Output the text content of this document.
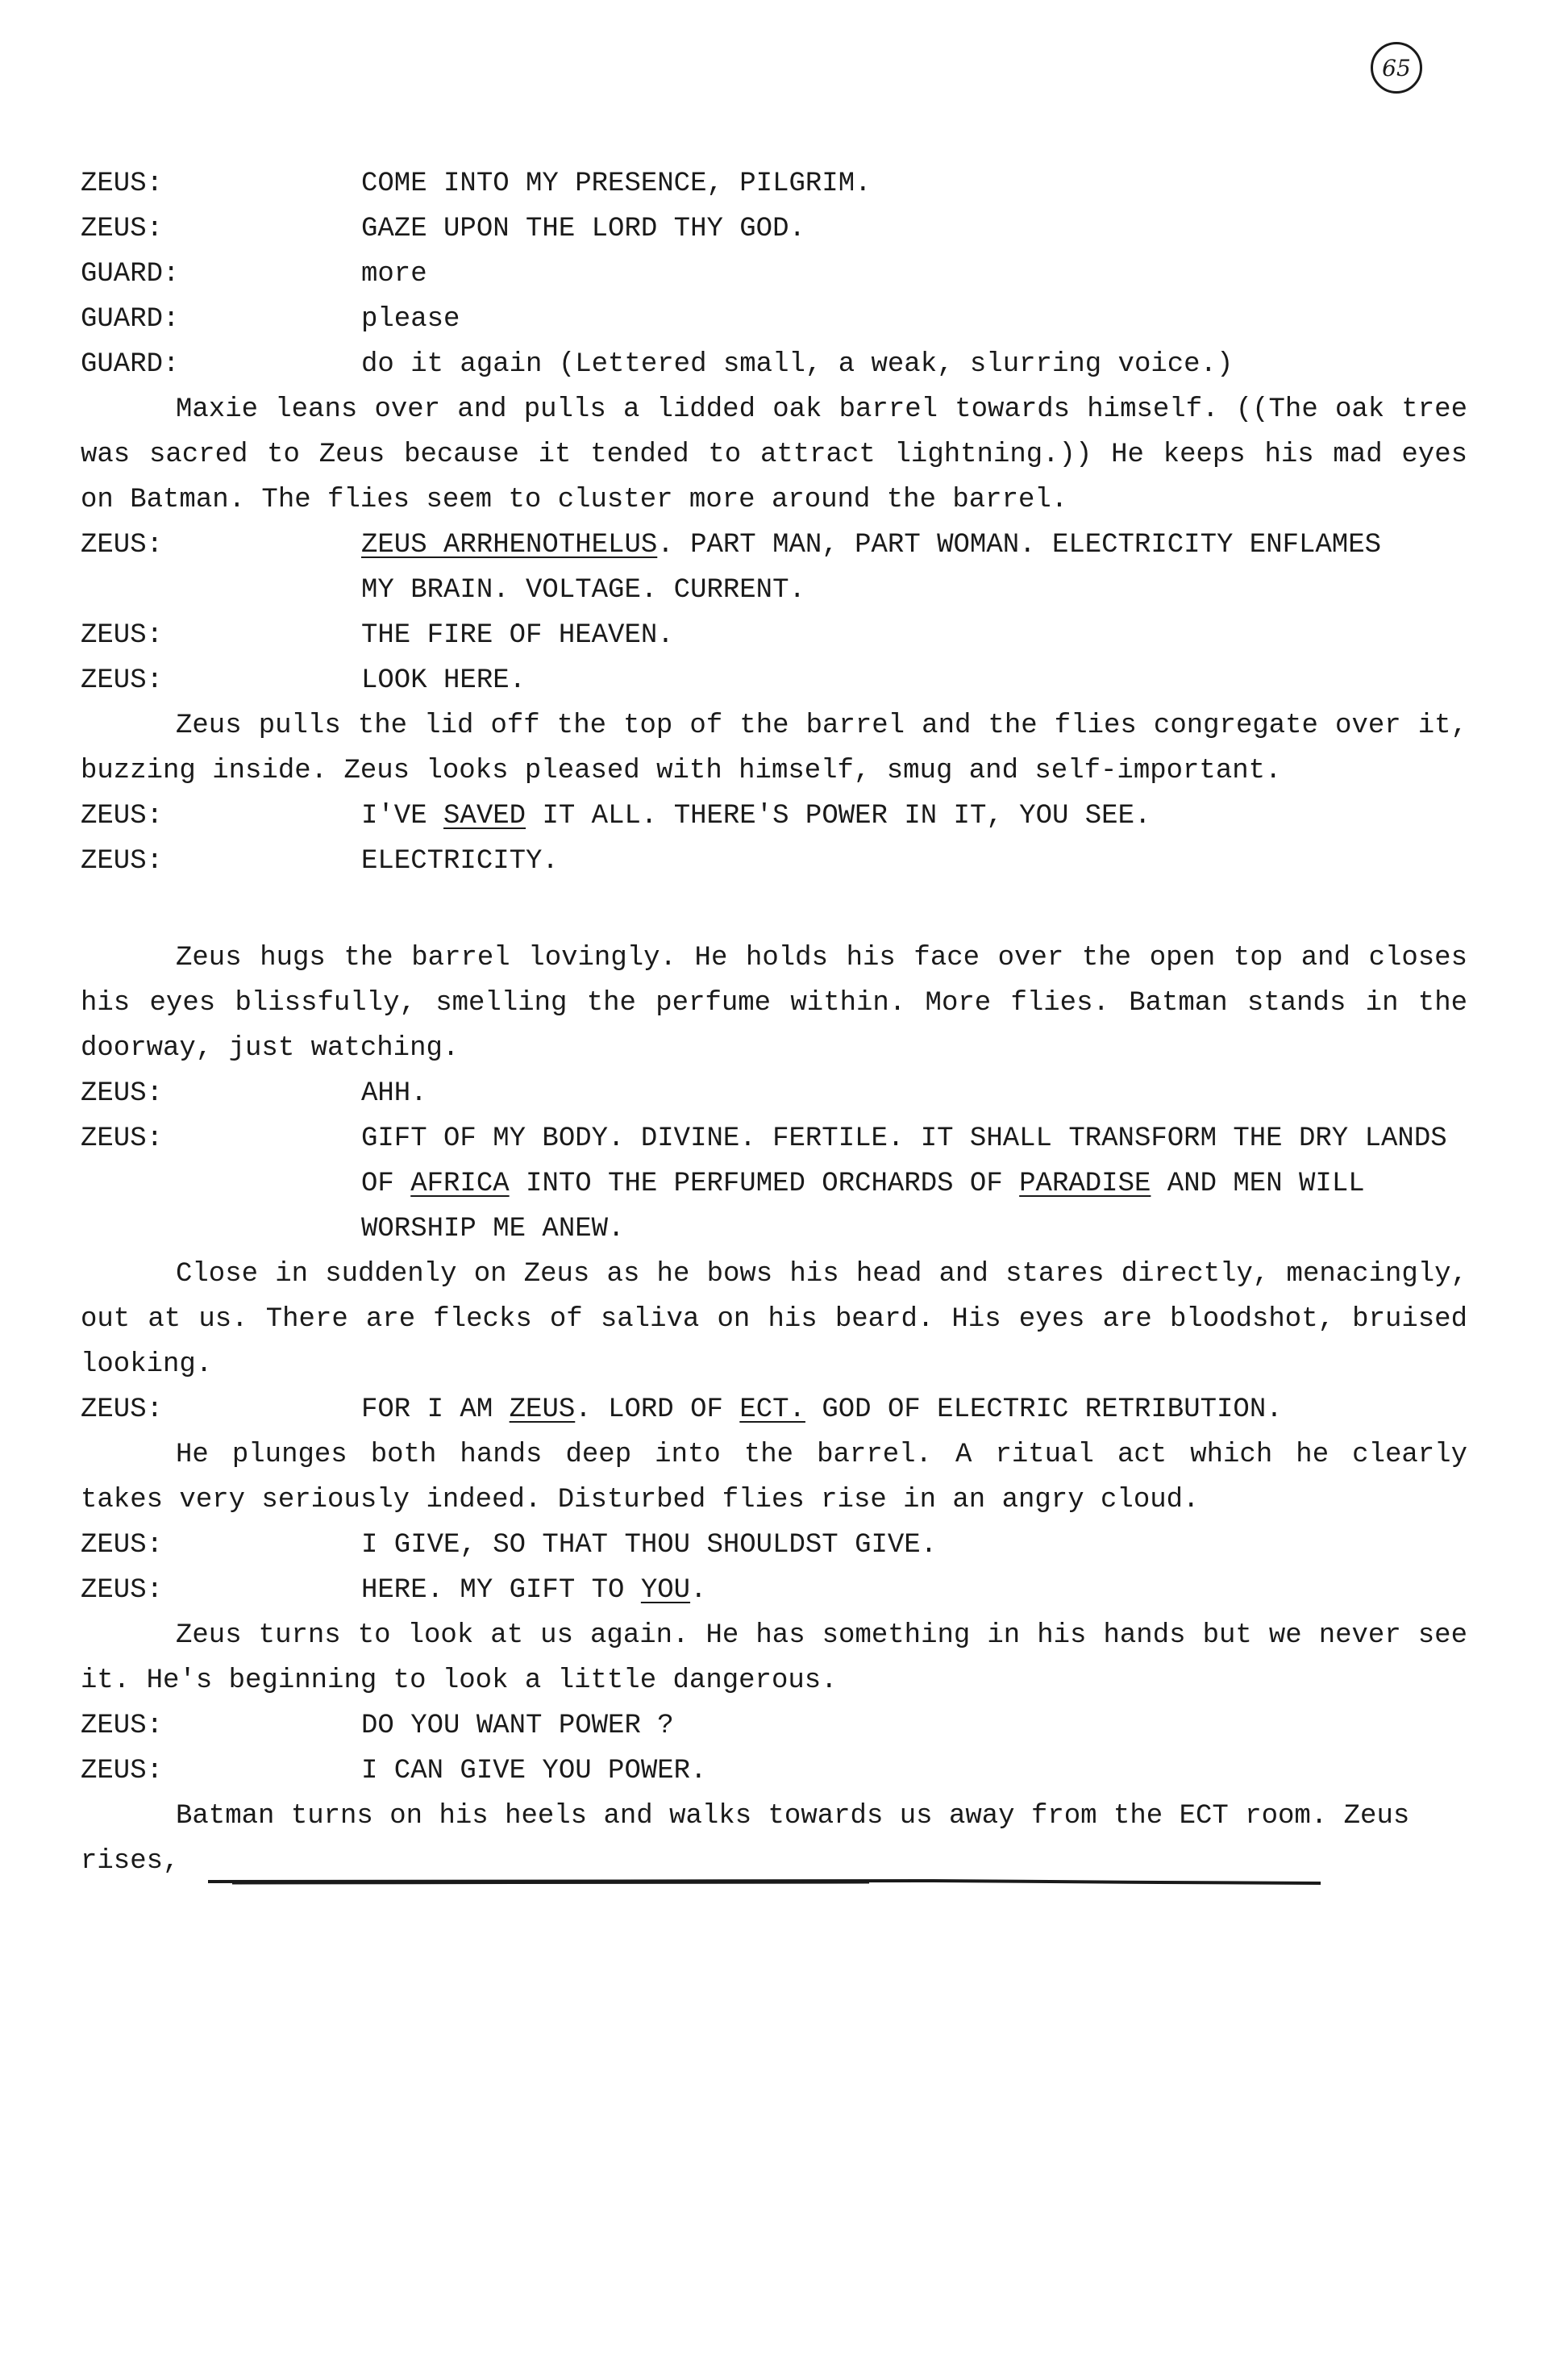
65
ZEUS:	COME INTO MY PRESENCE, PILGRIM.
ZEUS:	GAZE UPON THE LORD THY GOD.
GUARD:	more
GUARD:	please
GUARD:	do it again (Lettered small, a weak, slurring voice.)
Maxie leans over and pulls a lidded oak barrel towards himself. ((The oak tree was sacred to Zeus because it tended to attract lightning.)) He keeps his mad eyes on Batman. The flies seem to cluster more around the barrel.
ZEUS:	ZEUS ARRHENOTHELUS. PART MAN, PART WOMAN. ELECTRICITY ENFLAMES
MY BRAIN. VOLTAGE. CURRENT.
ZEUS:	THE FIRE OF HEAVEN.
ZEUS:	LOOK HERE.
Zeus pulls the lid off the top of the barrel and the flies congregate over it, buzzing inside. Zeus looks pleased with himself, smug and self-important.
ZEUS:	I'VE SAVED IT ALL. THERE'S POWER IN IT, YOU SEE.
ZEUS:	ELECTRICITY.
Zeus hugs the barrel lovingly. He holds his face over the open top and closes his eyes blissfully, smelling the perfume within. More flies. Batman stands in the doorway, just watching.
ZEUS:	AHH.
ZEUS:	GIFT OF MY BODY. DIVINE. FERTILE. IT SHALL TRANSFORM THE DRY LANDS
OF AFRICA INTO THE PERFUMED ORCHARDS OF PARADISE AND MEN WILL
WORSHIP ME ANEW.
Close in suddenly on Zeus as he bows his head and stares directly, menacingly, out at us. There are flecks of saliva on his beard. His eyes are bloodshot, bruised looking.
ZEUS:	FOR I AM ZEUS. LORD OF ECT. GOD OF ELECTRIC RETRIBUTION.
He plunges both hands deep into the barrel. A ritual act which he clearly takes very seriously indeed. Disturbed flies rise in an angry cloud.
ZEUS:	I GIVE, SO THAT THOU SHOULDST GIVE.
ZEUS:	HERE. MY GIFT TO YOU.
Zeus turns to look at us again. He has something in his hands but we never see it. He's beginning to look a little dangerous.
ZEUS:	DO YOU WANT POWER ?
ZEUS:	I CAN GIVE YOU POWER.
Batman turns on his heels and walks towards us away from the ECT room. Zeus rises,
